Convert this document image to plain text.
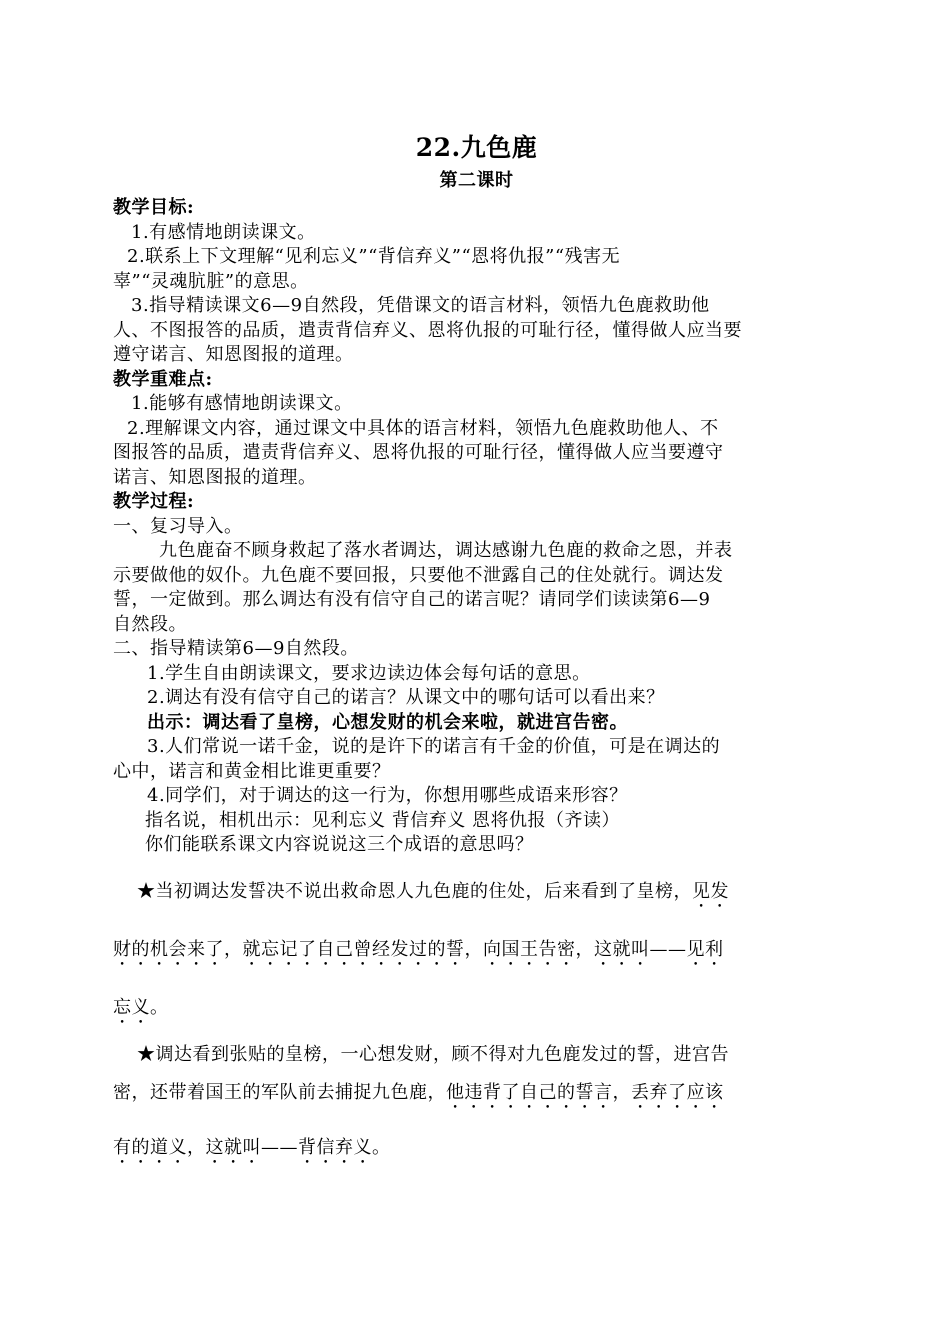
22.九色鹿

第二课时

教学目标:

1.有感情地朗读课文。

2.联系上下文理解“见利忘义”“背信弃义”“恩将仇报”“残害无

辜”“灵魂肮脏”的意思。

3.指导精读课文6—9自然段，凭借课文的语言材料，领悟九色鹿救助他

人、不图报答的品质，遣责背信弃义、恩将仇报的可耻行径，懂得做人应当要

遵守诺言、知恩图报的道理。

教学重难点:

1.能够有感情地朗读课文。

2.理解课文内容，通过课文中具体的语言材料，领悟九色鹿救助他人、不

图报答的品质，遣责背信弃义、恩将仇报的可耻行径，懂得做人应当要遵守

诺言、知恩图报的道理。

教学过程:

一、复习导入。

九色鹿奋不顾身救起了落水者调达，调达感谢九色鹿的救命之恩，并表

示要做他的奴仆。九色鹿不要回报，只要他不泄露自己的住处就行。调达发

誓，一定做到。那么调达有没有信守自己的诺言呢？请同学们读读第6—9

自然段。

二、指导精读第6—9自然段。

1.学生自由朗读课文，要求边读边体会每句话的意思。

2.调达有没有信守自己的诺言？从课文中的哪句话可以看出来？

出示：调达看了皇榜，心想发财的机会来啦，就进宫告密。

3.人们常说一诺千金，说的是许下的诺言有千金的价值，可是在调达的

心中，诺言和黄金相比谁更重要？

4.同学们，对于调达的这一行为，你想用哪些成语来形容？

指名说，相机出示：见利忘义 背信弃义 恩将仇报（齐读）

你们能联系课文内容说说这三个成语的意思吗？

★当初调达发誓决不说出救命恩人九色鹿的住处，后来看到了皇榜，见发

财的机会来了，就忘记了自己曾经发过的誓，向国王告密，这就叫——见利

忘义。

★调达看到张贴的皇榜，一心想发财，顾不得对九色鹿发过的誓，进宫告

密，还带着国王的军队前去捕捉九色鹿，他违背了自己的誓言，丢弃了应该

有的道义，这就叫——背信弃义。
